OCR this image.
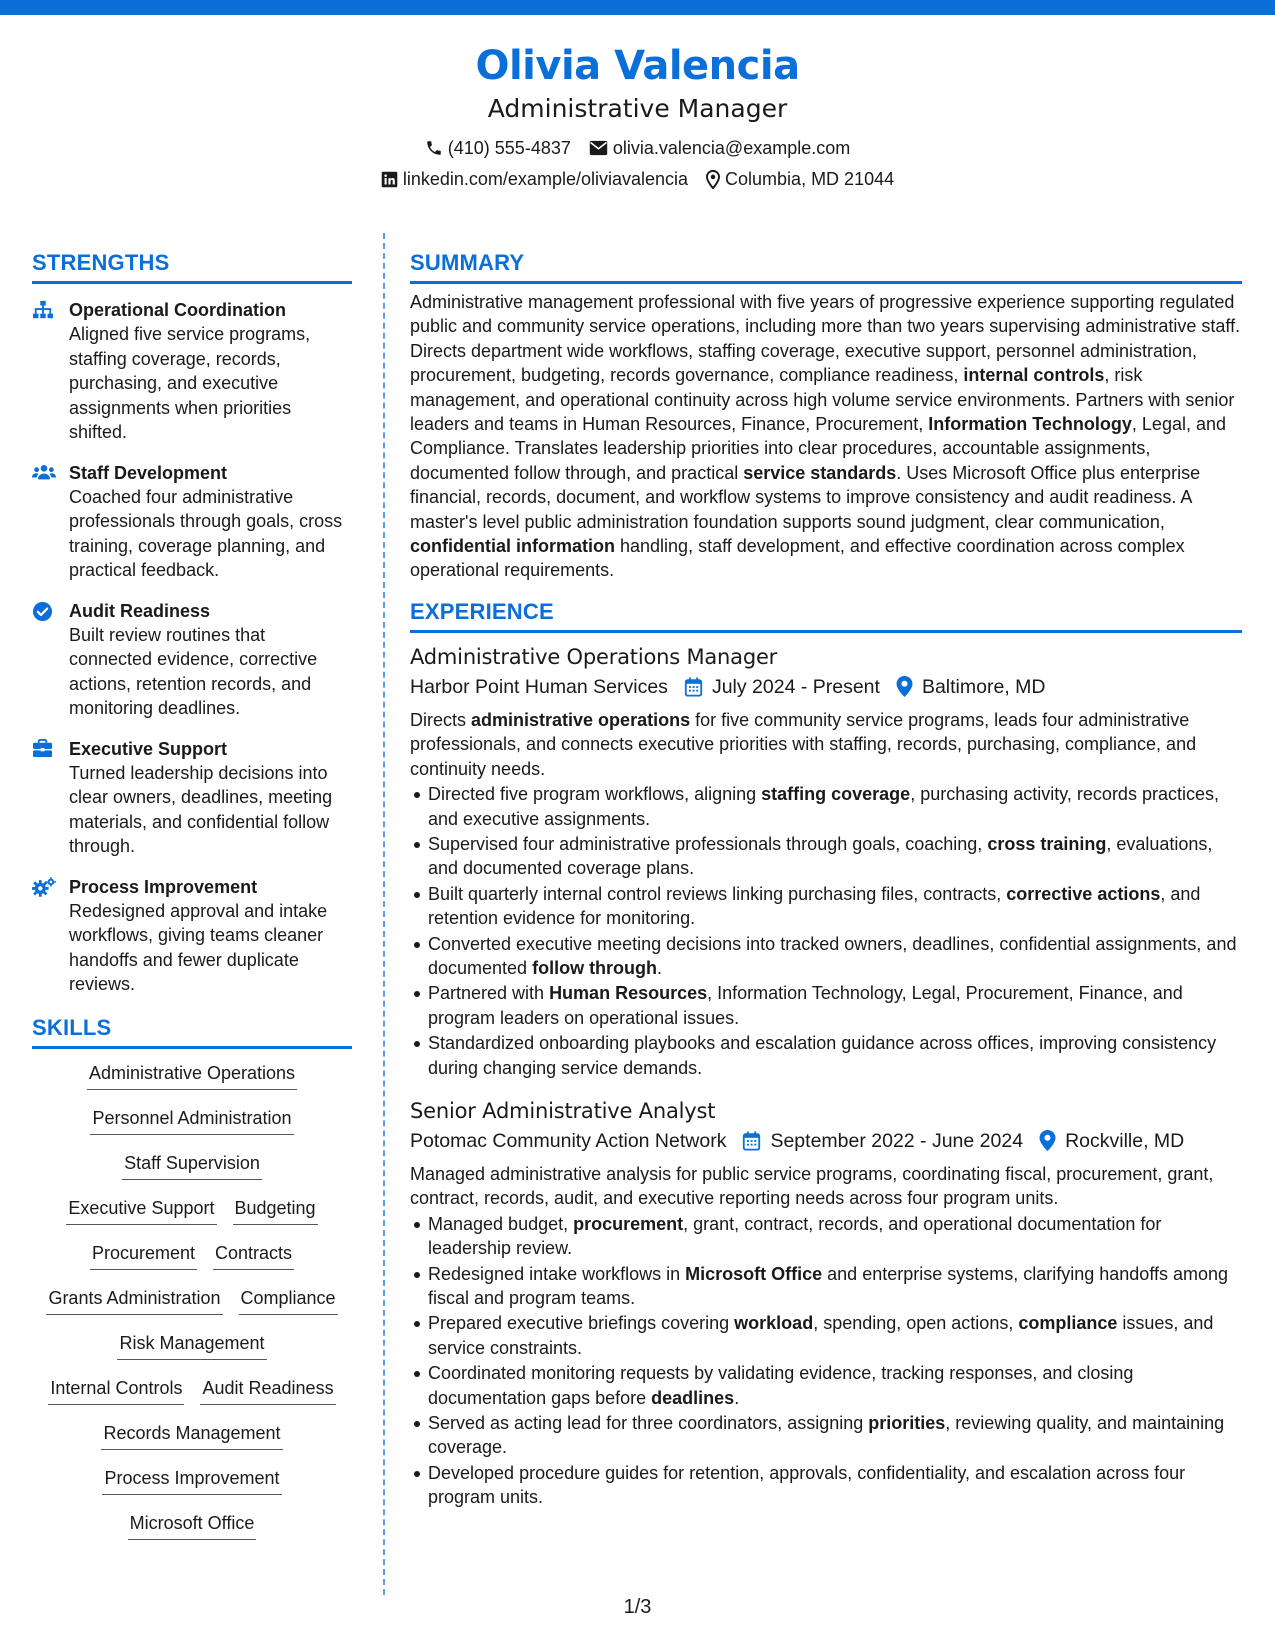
Olivia Valencia
Administrative Manager
(410) 555-4837 olivia.valencia@example.com
linkedin.com/example/oliviavalencia Columbia, MD 21044
STRENGTHS
Operational Coordination
Aligned five service programs, staffing coverage, records, purchasing, and executive assignments when priorities shifted.
Staff Development
Coached four administrative professionals through goals, cross training, coverage planning, and practical feedback.
Audit Readiness
Built review routines that connected evidence, corrective actions, retention records, and monitoring deadlines.
Executive Support
Turned leadership decisions into clear owners, deadlines, meeting materials, and confidential follow through.
Process Improvement
Redesigned approval and intake workflows, giving teams cleaner handoffs and fewer duplicate reviews.
SKILLS
Administrative Operations
Personnel Administration
Staff Supervision
Executive Support Budgeting
Procurement Contracts
Grants Administration Compliance
Risk Management
Internal Controls Audit Readiness
Records Management
Process Improvement
Microsoft Office
SUMMARY
Administrative management professional with five years of progressive experience supporting regulated public and community service operations, including more than two years supervising administrative staff. Directs department wide workflows, staffing coverage, executive support, personnel administration, procurement, budgeting, records governance, compliance readiness, internal controls, risk management, and operational continuity across high volume service environments. Partners with senior leaders and teams in Human Resources, Finance, Procurement, Information Technology, Legal, and Compliance. Translates leadership priorities into clear procedures, accountable assignments, documented follow through, and practical service standards. Uses Microsoft Office plus enterprise financial, records, document, and workflow systems to improve consistency and audit readiness. A master's level public administration foundation supports sound judgment, clear communication, confidential information handling, staff development, and effective coordination across complex operational requirements.
EXPERIENCE
Administrative Operations Manager
Harbor Point Human Services July 2024 - Present Baltimore, MD
Directs administrative operations for five community service programs, leads four administrative professionals, and connects executive priorities with staffing, records, purchasing, compliance, and continuity needs.
Directed five program workflows, aligning staffing coverage, purchasing activity, records practices, and executive assignments.
Supervised four administrative professionals through goals, coaching, cross training, evaluations, and documented coverage plans.
Built quarterly internal control reviews linking purchasing files, contracts, corrective actions, and retention evidence for monitoring.
Converted executive meeting decisions into tracked owners, deadlines, confidential assignments, and documented follow through.
Partnered with Human Resources, Information Technology, Legal, Procurement, Finance, and program leaders on operational issues.
Standardized onboarding playbooks and escalation guidance across offices, improving consistency during changing service demands.
Senior Administrative Analyst
Potomac Community Action Network September 2022 - June 2024 Rockville, MD
Managed administrative analysis for public service programs, coordinating fiscal, procurement, grant, contract, records, audit, and executive reporting needs across four program units.
Managed budget, procurement, grant, contract, records, and operational documentation for leadership review.
Redesigned intake workflows in Microsoft Office and enterprise systems, clarifying handoffs among fiscal and program teams.
Prepared executive briefings covering workload, spending, open actions, compliance issues, and service constraints.
Coordinated monitoring requests by validating evidence, tracking responses, and closing documentation gaps before deadlines.
Served as acting lead for three coordinators, assigning priorities, reviewing quality, and maintaining coverage.
Developed procedure guides for retention, approvals, confidentiality, and escalation across four program units.
1/3
